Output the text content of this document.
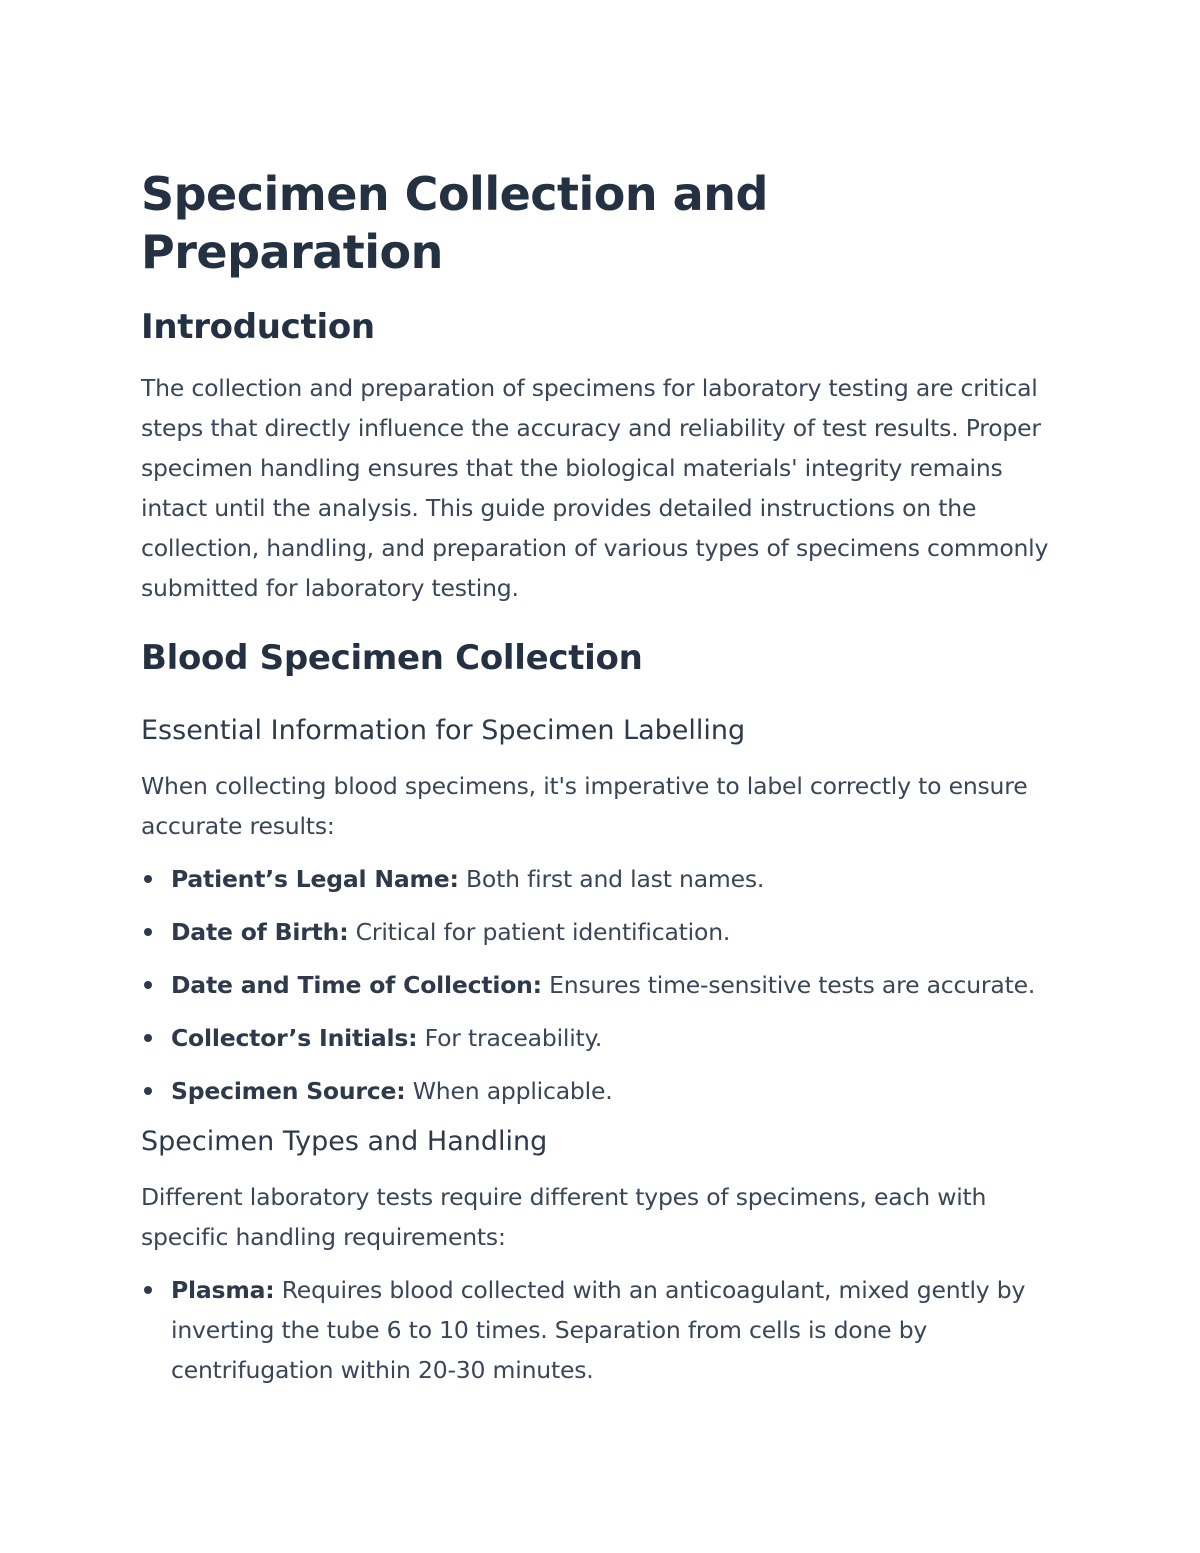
Specimen Collection and Preparation
Introduction

The collection and preparation of specimens for laboratory testing are critical steps that directly influence the accuracy and reliability of test results. Proper specimen handling ensures that the biological materials' integrity remains intact until the analysis. This guide provides detailed instructions on the collection, handling, and preparation of various types of specimens commonly submitted for laboratory testing.

Blood Specimen Collection
Essential Information for Specimen Labelling

When collecting blood specimens, it's imperative to label correctly to ensure accurate results:

Patient’s Legal Name: Both first and last names.
Date of Birth: Critical for patient identification.
Date and Time of Collection: Ensures time-sensitive tests are accurate.
Collector’s Initials: For traceability.
Specimen Source: When applicable.
Specimen Types and Handling

Different laboratory tests require different types of specimens, each with specific handling requirements:

Plasma: Requires blood collected with an anticoagulant, mixed gently by inverting the tube 6 to 10 times. Separation from cells is done by centrifugation within 20-30 minutes.
